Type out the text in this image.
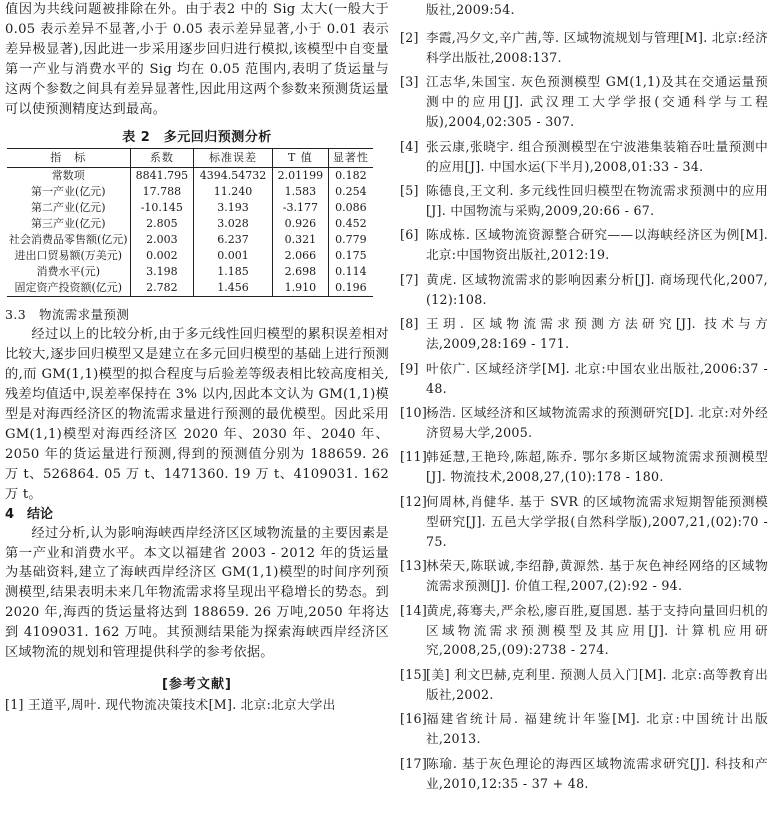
值因为共线问题被排除在外。由于表2 中的 Sig 太大(一般大于 0.05 表示差异不显著,小于 0.05 表示差异显著,小于 0.01 表示差异极显著),因此进一步采用逐步回归进行模拟,该模型中自变量第一产业与消费水平的 Sig 均在 0.05 范围内,表明了货运量与这两个参数之间具有差异显著性,因此用这两个参数来预测货运量可以使预测精度达到最高。

表 2　多元回归预测分析
指　标	系数	标准误差	T 值	显著性
常数项	8841.795	4394.54732	2.01199	0.182
第一产业(亿元)	17.788	11.240	1.583	0.254
第二产业(亿元)	-10.145	3.193	-3.177	0.086
第三产业(亿元)	2.805	3.028	0.926	0.452
社会消费品零售额(亿元)	2.003	6.237	0.321	0.779
进出口贸易额(万美元)	0.002	0.001	2.066	0.175
消费水平(元)	3.198	1.185	2.698	0.114
固定资产投资额(亿元)	2.782	1.456	1.910	0.196

3.3　物流需求量预测

经过以上的比较分析,由于多元线性回归模型的累积误差相对比较大,逐步回归模型又是建立在多元回归模型的基础上进行预测的,而 GM(1,1)模型的拟合程度与后验差等级表相比较高度相关,残差均值适中,误差率保持在 3% 以内,因此本文认为 GM(1,1)模型是对海西经济区的物流需求量进行预测的最优模型。因此采用 GM(1,1)模型对海西经济区 2020 年、2030 年、2040 年、2050 年的货运量进行预测,得到的预测值分别为 188659. 26 万 t、526864. 05 万 t、1471360. 19 万 t、4109031. 162 万 t。

4　结论

经过分析,认为影响海峡西岸经济区区域物流量的主要因素是第一产业和消费水平。本文以福建省 2003 - 2012 年的货运量为基础资料,建立了海峡西岸经济区 GM(1,1)模型的时间序列预测模型,结果表明未来几年物流需求将呈现出平稳增长的势态。到 2020 年,海西的货运量将达到 188659. 26 万吨,2050 年将达到 4109031. 162 万吨。其预测结果能为探索海峡西岸经济区区域物流的规划和管理提供科学的参考依据。

[参考文献]

[1] 王道平,周叶. 现代物流决策技术[M]. 北京:北京大学出

版社,2009:54.

[2] 李霞,冯夕文,辛广茜,等. 区域物流规划与管理[M]. 北京:经济科学出版社,2008:137.
[3] 江志华,朱国宝. 灰色预测模型 GM(1,1)及其在交通运量预测中的应用[J]. 武汉理工大学学报(交通科学与工程版),2004,02:305 - 307.
[4] 张云康,张晓宇. 组合预测模型在宁波港集装箱吞吐量预测中的应用[J]. 中国水运(下半月),2008,01:33 - 34.
[5] 陈德良,王文利. 多元线性回归模型在物流需求预测中的应用[J]. 中国物流与采购,2009,20:66 - 67.
[6] 陈成栋. 区域物流资源整合研究——以海峡经济区为例[M]. 北京:中国物资出版社,2012:19.
[7] 黄虎. 区域物流需求的影响因素分析[J]. 商场现代化,2007,(12):108.
[8] 王玥. 区域物流需求预测方法研究[J]. 技术与方法,2009,28:169 - 171.
[9] 叶依广. 区域经济学[M]. 北京:中国农业出版社,2006:37 - 48.
[10]
杨浩. 区域经济和区域物流需求的预测研究[D]. 北京:对外经济贸易大学,2005.
[11]
韩延慧,王艳玲,陈超,陈乔. 鄂尔多斯区域物流需求预测模型[J]. 物流技术,2008,27,(10):178 - 180.
[12]
何周林,肖健华. 基于 SVR 的区域物流需求短期智能预测模型研究[J]. 五邑大学学报(自然科学版),2007,21,(02):70 - 75.
[13]
林荣天,陈联诚,李绍静,黄源然. 基于灰色神经网络的区域物流需求预测[J]. 价值工程,2007,(2):92 - 94.
[14]
黄虎,蒋骞夫,严余松,廖百胜,夏国恩. 基于支持向量回归机的区域物流需求预测模型及其应用[J]. 计算机应用研究,2008,25,(09):2738 - 274.
[15]
[美] 利文巴赫,克利里. 预测人员入门[M]. 北京:高等教育出版社,2002.
[16]
福建省统计局. 福建统计年鉴[M]. 北京:中国统计出版社,2013.
[17]
陈瑜. 基于灰色理论的海西区域物流需求研究[J]. 科技和产业,2010,12:35 - 37 + 48.
